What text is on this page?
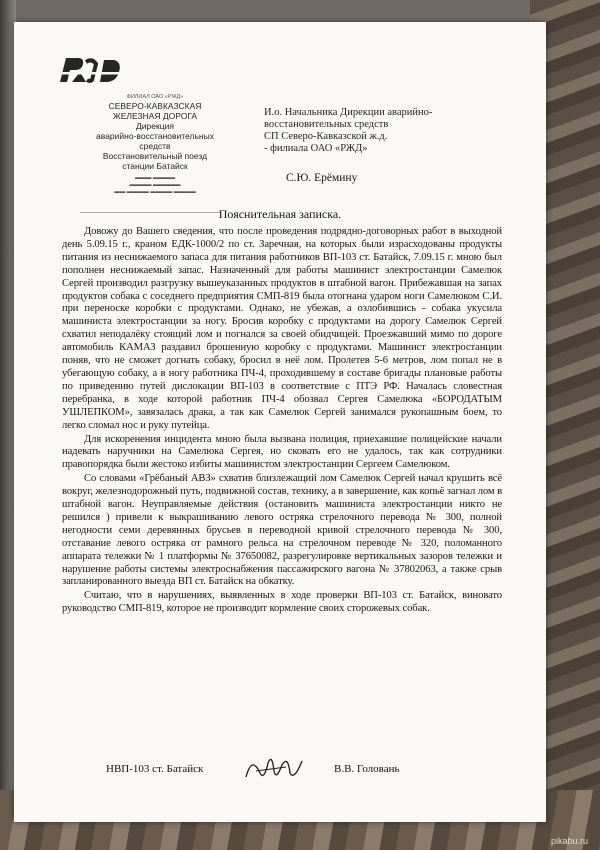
ФИЛИАЛ ОАО «РЖД»
СЕВЕРО-КАВКАЗСКАЯ
ЖЕЛЕЗНАЯ ДОРОГА
Дирекция
аварийно-восстановительных средств
Восстановительный поезд
станции Батайск
▬▬▬ ▬▬▬▬
▬▬▬▬ ▬▬▬▬▬
▬▬ ▬▬▬▬ ▬▬▬▬ ▬▬▬▬
И.о. Начальника Дирекции аварийно-
восстановительных средств
СП Северо-Кавказской ж.д.
- филиала ОАО «РЖД»
С.Ю. Ерёмину
Пояснительная записка.

Довожу до Вашего сведения, что после проведения подрядно-договорных работ в выходной день 5.09.15 г., краном ЕДК-1000/2 по ст. Заречная, на которых были израсходованы продукты питания из неснижаемого запаса для питания работников ВП-103 ст. Батайск, 7.09.15 г. мною был пополнен неснижаемый запас. Назначенный для работы машинист электростанции Самелюк Сергей производил разгрузку вышеуказанных продуктов в штабной вагон. Прибежавшая на запах продуктов собака с соседнего предприятия СМП-819 была отогнана ударом ноги Самелюком С.И. при переноске коробки с продуктами. Однако, не убежав, а озлобившись - собака укусила машиниста электростанции за ногу. Бросив коробку с продуктами на дорогу Самелюк Сергей схватил неподалёку стоящий лом и погнался за своей обидчицей. Проезжавший мимо по дороге автомобиль КАМАЗ раздавил брошенную коробку с продуктами. Машинист электростанции поняв, что не сможет догнать собаку, бросил в неё лом. Пролетев 5-6 метров, лом попал не в убегающую собаку, а в ногу работника ПЧ-4, проходившему в составе бригады плановые работы по приведению путей дислокации ВП-103 в соответствие с ПТЭ РФ. Началась словестная перебранка, в ходе которой работник ПЧ-4 обозвал Сергея Самелюка «БОРОДАТЫМ УШЛЕПКОМ», завязалась драка, а так как Самелюк Сергей занимался рукопашным боем, то легко сломал нос и руку путейца.

Для искоренения инцидента мною была вызвана полиция, приехавшие полицейские начали надевать наручники на Самелюка Сергея, но сковать его не удалось, так как сотрудники правопорядка были жестоко избиты машинистом электростанции Сергеем Самелюком.

Со словами «Грёбаный АВЗ» схватив близлежащий лом Самелюк Сергей начал крушить всё вокруг, железнодорожный путь, подвижной состав, технику, а в завершение, как копьё загнал лом в штабной вагон. Неуправляемые действия (остановить машиниста электростанции никто не решился ) привели к выкрашиванию левого остряка стрелочного перевода № 300, полной негодности семи деревянных брусьев в переводной кривой стрелочного перевода № 300, отставание левого остряка от рамного рельса на стрелочном переводе № 320, поломанного аппарата тележки № 1 платформы № 37650082, разрегулировке вертикальных зазоров тележки и нарушение работы системы электроснабжения пассажирского вагона № 37802063, а также срыв запланированного выезда ВП ст. Батайск на обкатку.

Считаю, что в нарушениях, выявленных в ходе проверки ВП-103 ст. Батайск, виновато руководство СМП-819, которое не производит кормление своих сторожевых собак.

НВП-103 ст. Батайск	В.В. Головань
pikabu.ru
